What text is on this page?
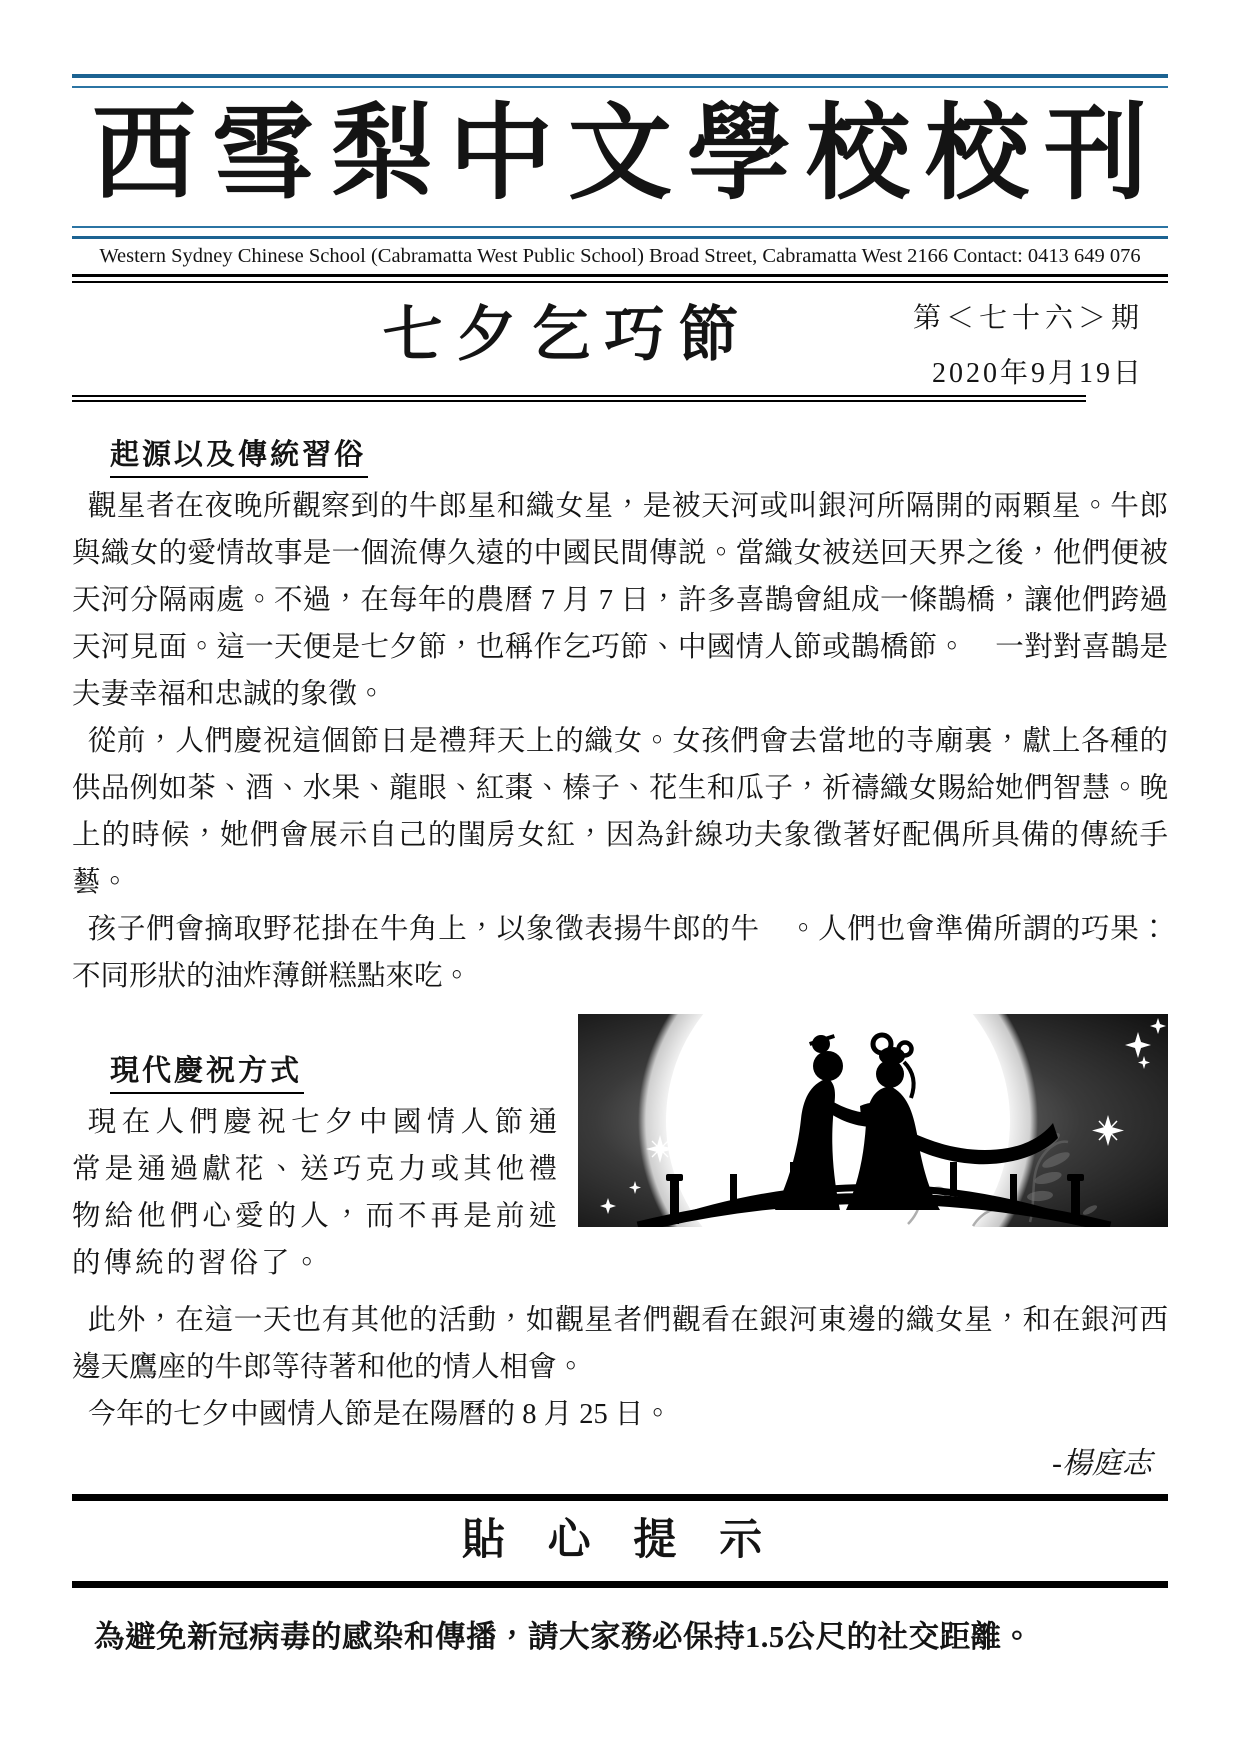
西雪梨中文學校校刊
Western Sydney Chinese School (Cabramatta West Public School) Broad Street, Cabramatta West 2166 Contact: 0413 649 076
七夕乞巧節	第＜七十六＞期
2020年9月19日
起源以及傳統習俗

觀星者在夜晚所觀察到的牛郎星和織女星，是被天河或叫銀河所隔開的兩顆星。牛郎與織女的愛情故事是一個流傳久遠的中國民間傳説。當織女被送回天界之後，他們便被天河分隔兩處。不過，在每年的農曆 7 月 7 日，許多喜鵲會組成一條鵲橋，讓他們跨過天河見面。這一天便是七夕節，也稱作乞巧節、中國情人節或鵲橋節。　一對對喜鵲是夫妻幸福和忠誠的象徵。

從前，人們慶祝這個節日是禮拜天上的織女。女孩們會去當地的寺廟裏，獻上各種的供品例如茶、酒、水果、龍眼、紅棗、榛子、花生和瓜子，祈禱織女賜給她們智慧。晚上的時候，她們會展示自己的閨房女紅，因為針線功夫象徵著好配偶所具備的傳統手藝。

孩子們會摘取野花掛在牛角上，以象徵表揚牛郎的牛　。人們也會準備所謂的巧果：不同形狀的油炸薄餅糕點來吃。

現代慶祝方式

現在人們慶祝七夕中國情人節通常是通過獻花、送巧克力或其他禮物給他們心愛的人，而不再是前述的傳統的習俗了。

此外，在這一天也有其他的活動，如觀星者們觀看在銀河東邊的織女星，和在銀河西邊天鷹座的牛郎等待著和他的情人相會。

今年的七夕中國情人節是在陽曆的 8 月 25 日。

-楊庭志
貼 心 提 示
為避免新冠病毒的感染和傳播，請大家務必保持1.5公尺的社交距離。
